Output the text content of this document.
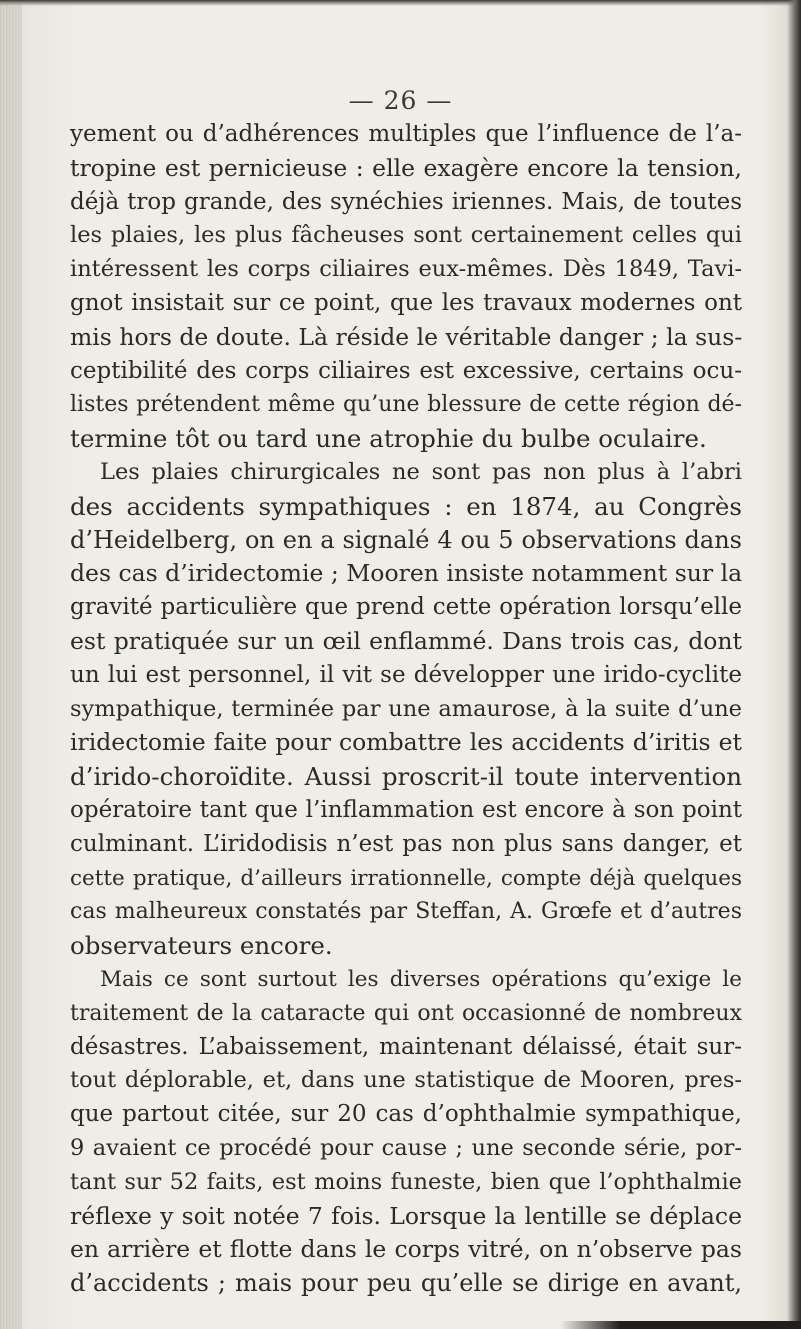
— 26 —
yement ou d’adhérences multiples que l’influence de l’a-
tropine est pernicieuse : elle exagère encore la tension,
déjà trop grande, des synéchies iriennes. Mais, de toutes
les plaies, les plus fâcheuses sont certainement celles qui
intéressent les corps ciliaires eux-mêmes. Dès 1849, Tavi-
gnot insistait sur ce point, que les travaux modernes ont
mis hors de doute. Là réside le véritable danger ; la sus-
ceptibilité des corps ciliaires est excessive, certains ocu-
listes prétendent même qu’une blessure de cette région dé-
termine tôt ou tard une atrophie du bulbe oculaire.
Les plaies chirurgicales ne sont pas non plus à l’abri
des accidents sympathiques : en 1874, au Congrès
d’Heidelberg, on en a signalé 4 ou 5 observations dans
des cas d’iridectomie ; Mooren insiste notamment sur la
gravité particulière que prend cette opération lorsqu’elle
est pratiquée sur un œil enflammé. Dans trois cas, dont
un lui est personnel, il vit se développer une irido-cyclite
sympathique, terminée par une amaurose, à la suite d’une
iridectomie faite pour combattre les accidents d’iritis et
d’irido-choroïdite. Aussi proscrit-il toute intervention
opératoire tant que l’inflammation est encore à son point
culminant. L’iridodisis n’est pas non plus sans danger, et
cette pratique, d’ailleurs irrationnelle, compte déjà quelques
cas malheureux constatés par Steffan, A. Grœfe et d’autres
observateurs encore.
Mais ce sont surtout les diverses opérations qu’exige le
traitement de la cataracte qui ont occasionné de nombreux
désastres. L’abaissement, maintenant délaissé, était sur-
tout déplorable, et, dans une statistique de Mooren, pres-
que partout citée, sur 20 cas d’ophthalmie sympathique,
9 avaient ce procédé pour cause ; une seconde série, por-
tant sur 52 faits, est moins funeste, bien que l’ophthalmie
réflexe y soit notée 7 fois. Lorsque la lentille se déplace
en arrière et flotte dans le corps vitré, on n’observe pas
d’accidents ; mais pour peu qu’elle se dirige en avant,
